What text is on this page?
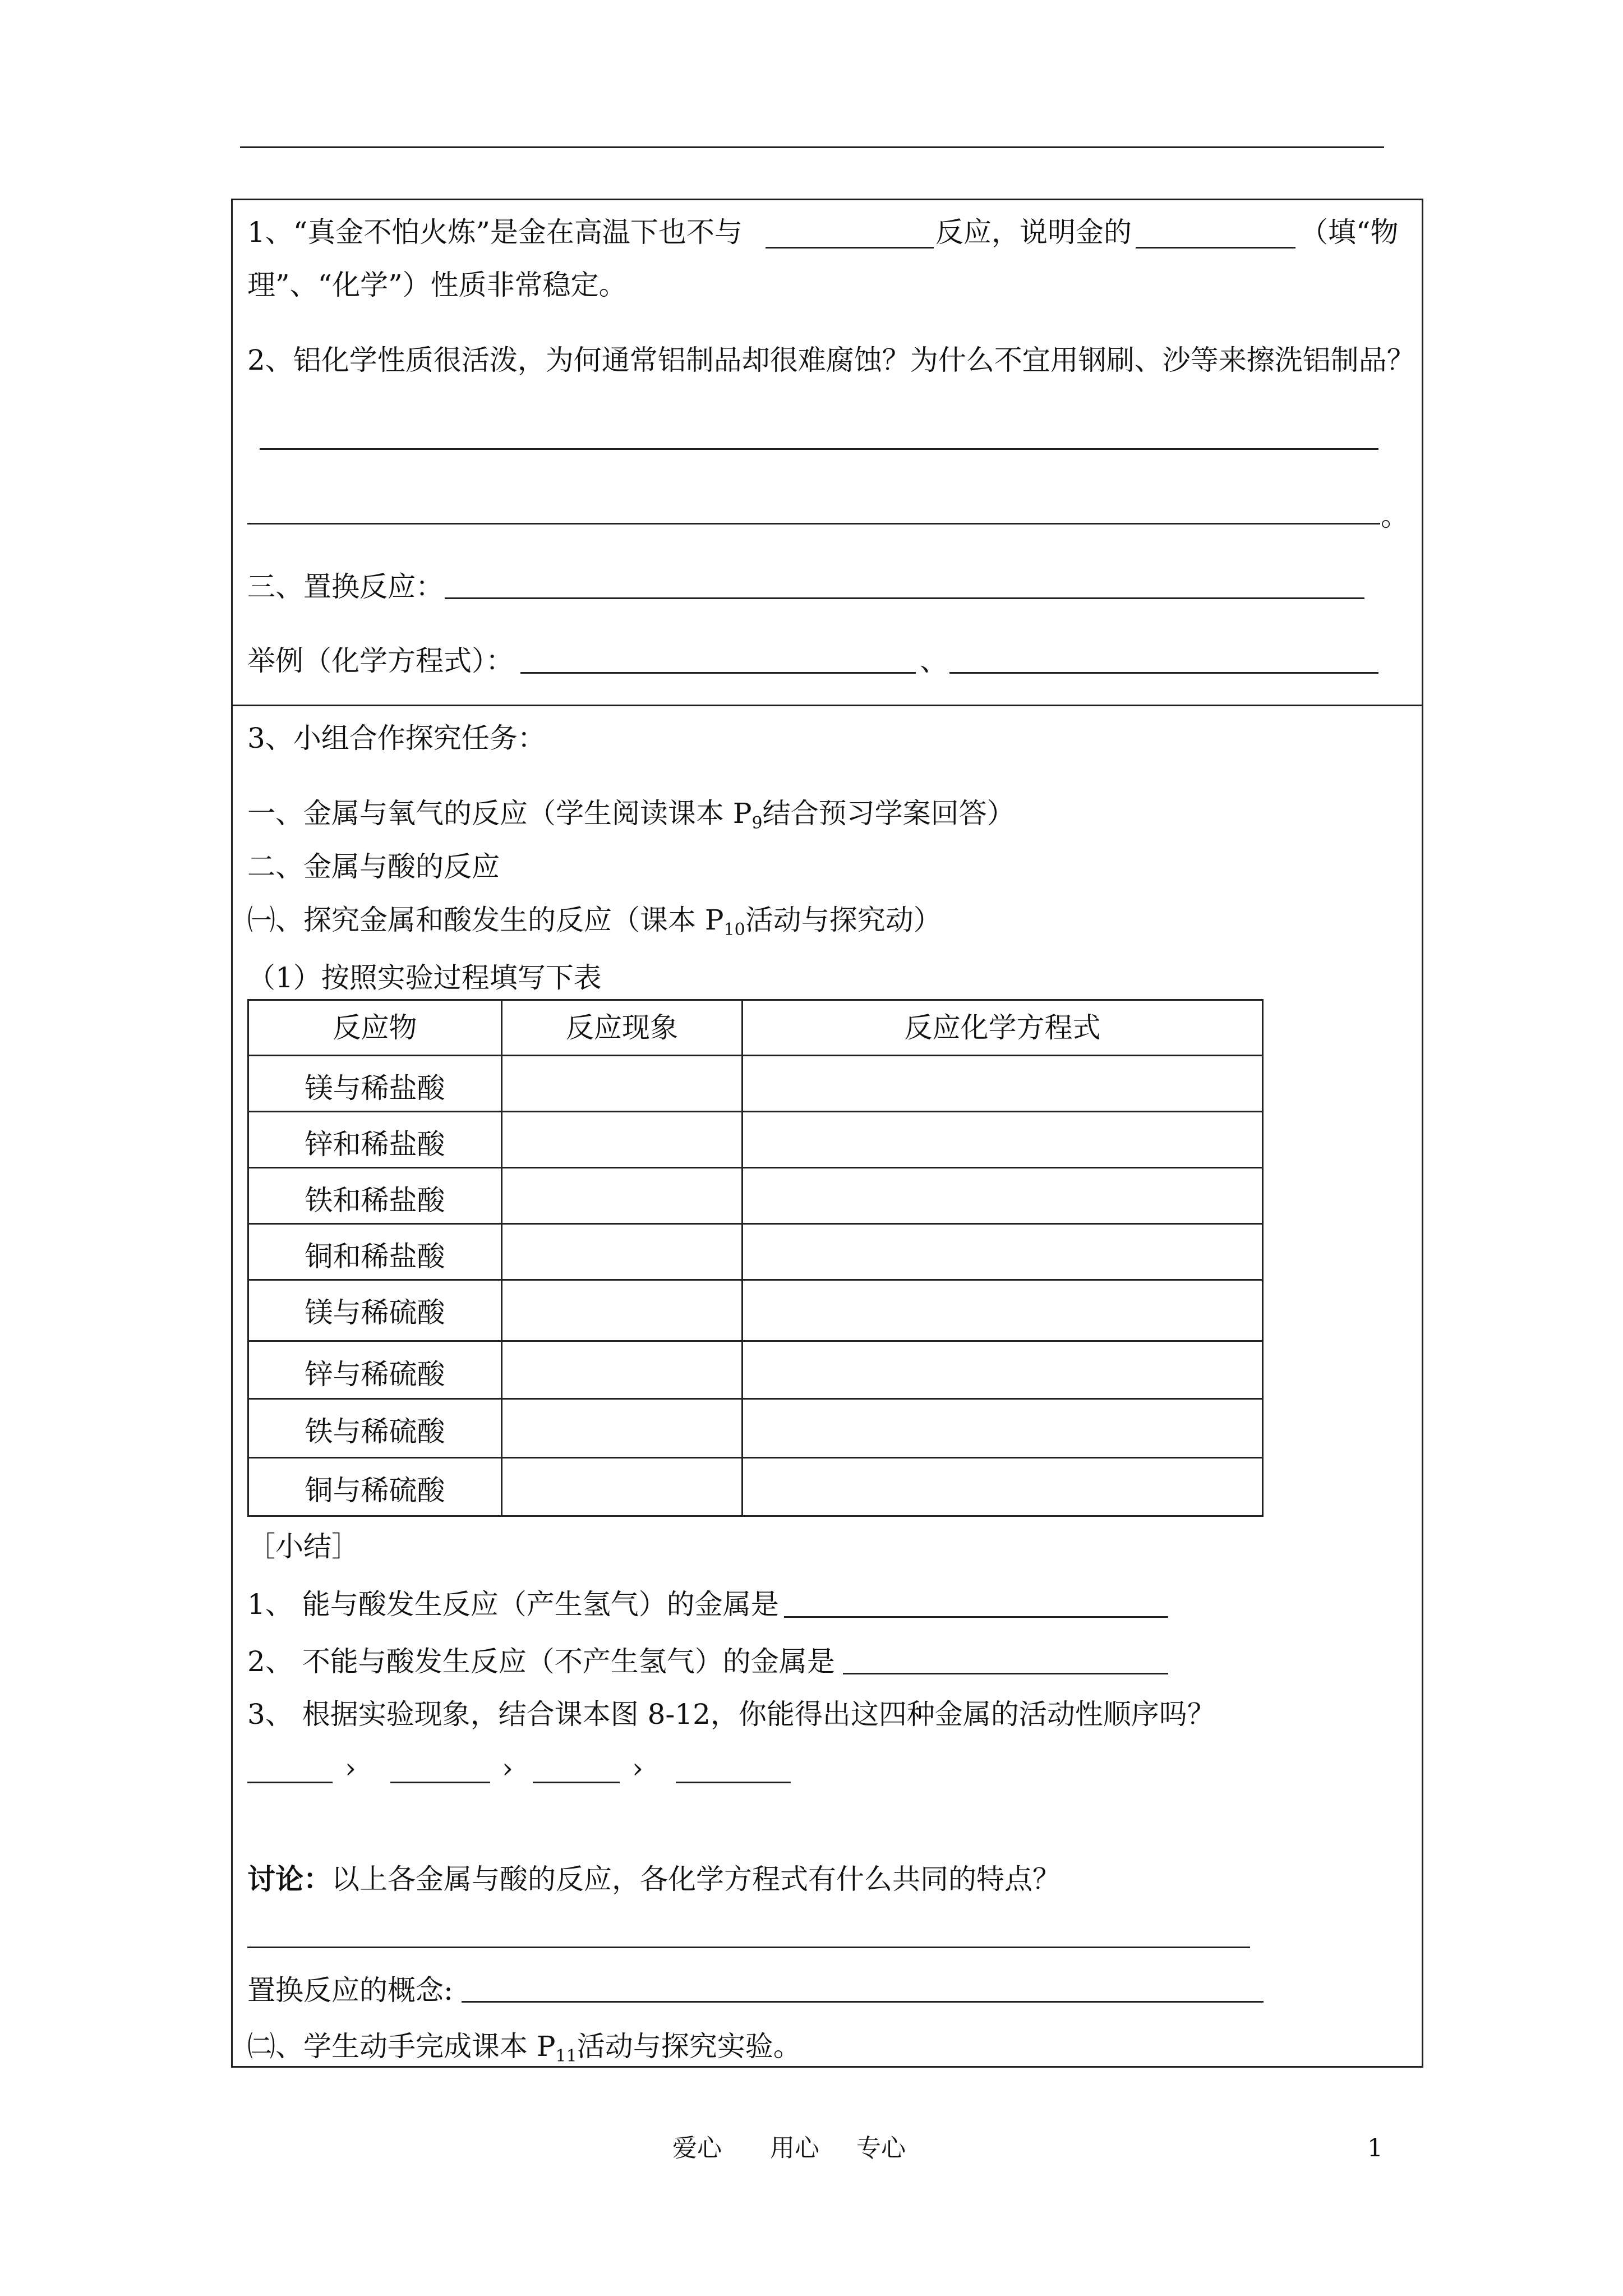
1、“真金不怕火炼”是金在高温下也不与	反应，说明金的	（填“物
理”、“化学”）性质非常稳定。
2、铝化学性质很活泼，为何通常铝制品却很难腐蚀？为什么不宜用钢刷、沙等来擦洗铝制品？
。
三、置换反应：
举例（化学方程式）：	、
3、小组合作探究任务：
一、金属与氧气的反应（学生阅读课本 $P_9$结合预习学案回答）
二、金属与酸的反应
㈠、探究金属和酸发生的反应（课本 $P_{10}$活动与探究动）
（1）按照实验过程填写下表
反应物	反应现象	反应化学方程式
镁与稀盐酸
锌和稀盐酸
铁和稀盐酸
铜和稀盐酸
镁与稀硫酸
锌与稀硫酸
铁与稀硫酸
铜与稀硫酸
［小结］
1、 能与酸发生反应（产生氢气）的金属是
2、 不能与酸发生反应（不产生氢气）的金属是
3、 根据实验现象，结合课本图 8-12，你能得出这四种金属的活动性顺序吗？
›	›	›
讨论：以上各金属与酸的反应，各化学方程式有什么共同的特点？
置换反应的概念:
㈡、学生动手完成课本 $P_{11}$活动与探究实验。
爱心 用心 专心	1
